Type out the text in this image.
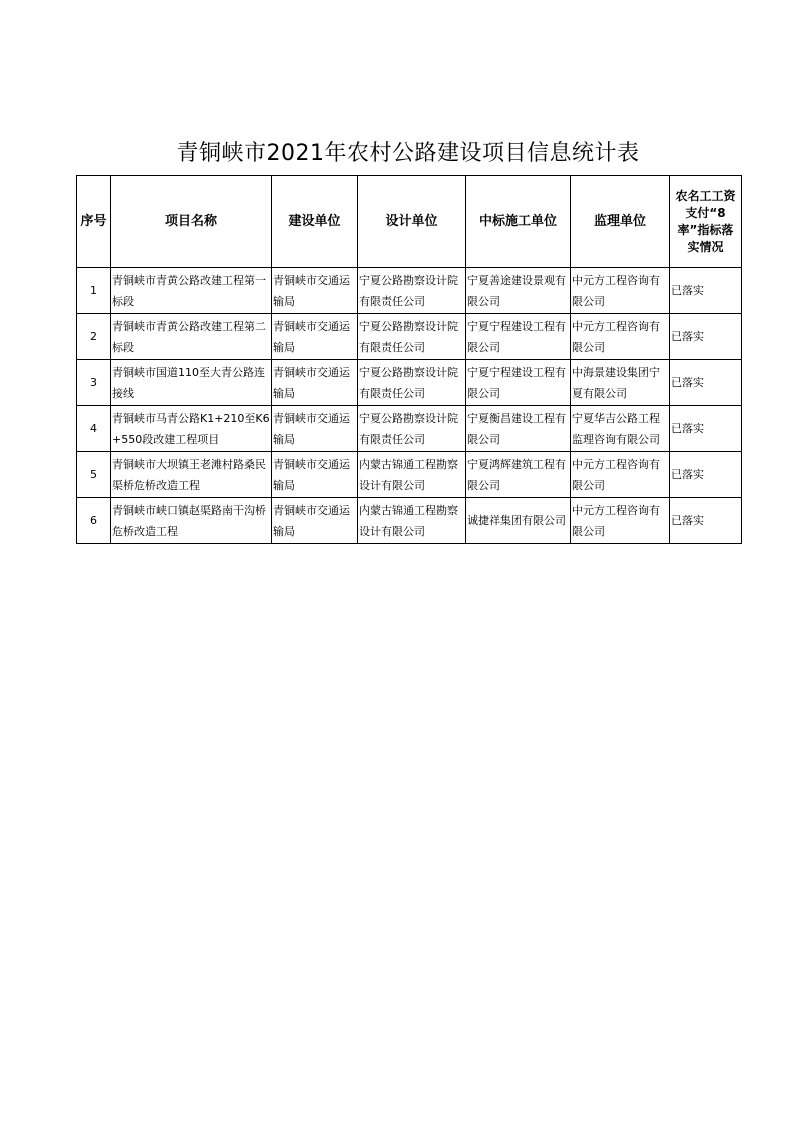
青铜峡市2021年农村公路建设项目信息统计表
序号	项目名称	建设单位	设计单位	中标施工单位	监理单位	农名工工资支付“8率”指标落实情况
1	青铜峡市青黄公路改建工程第一标段	青铜峡市交通运输局	宁夏公路勘察设计院有限责任公司	宁夏善途建设景观有限公司	中元方工程咨询有限公司	已落实
2	青铜峡市青黄公路改建工程第二标段	青铜峡市交通运输局	宁夏公路勘察设计院有限责任公司	宁夏宁程建设工程有限公司	中元方工程咨询有限公司	已落实
3	青铜峡市国道110至大青公路连接线	青铜峡市交通运输局	宁夏公路勘察设计院有限责任公司	宁夏宁程建设工程有限公司	中海景建设集团宁夏有限公司	已落实
4	青铜峡市马青公路K1+210至K6+550段改建工程项目	青铜峡市交通运输局	宁夏公路勘察设计院有限责任公司	宁夏衡昌建设工程有限公司	宁夏华吉公路工程监理咨询有限公司	已落实
5	青铜峡市大坝镇王老滩村路桑民渠桥危桥改造工程	青铜峡市交通运输局	内蒙古锦通工程勘察设计有限公司	宁夏鸿辉建筑工程有限公司	中元方工程咨询有限公司	已落实
6	青铜峡市峡口镇赵渠路南干沟桥危桥改造工程	青铜峡市交通运输局	内蒙古锦通工程勘察设计有限公司	诚捷祥集团有限公司	中元方工程咨询有限公司	已落实
